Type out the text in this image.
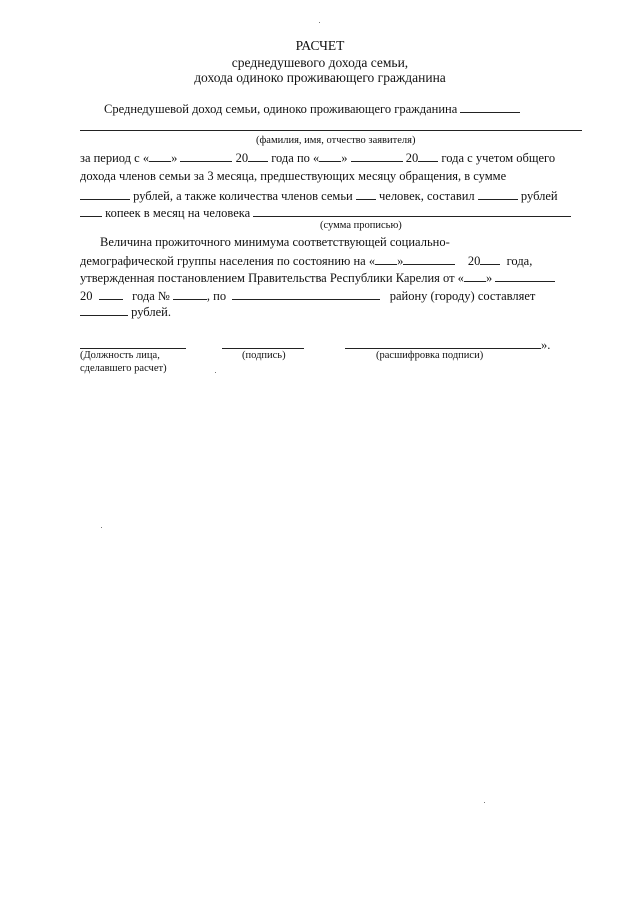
РАСЧЕТ
среднедушевого дохода семьи,
дохода одиноко проживающего гражданина
Среднедушевой доход семьи, одиноко проживающего гражданина
(фамилия, имя, отчество заявителя)
за период с « »	20 года по « »	20 года с учетом общего
дохода членов семьи за 3 месяца, предшествующих месяцу обращения, в сумме
рублей, а также количества членов семьи человек, составил	рублей
копеек в месяц на человека
(сумма прописью)
Величина прожиточного минимума соответствующей социально-
демографической группы населения по состоянию на « »	20 года,
утвержденная постановлением Правительства Республики Карелия от « »
20	года №	, по	району (городу) составляет
рублей.
».
(Должность лица,
сделавшего расчет)
(подпись)	(расшифровка подписи)
